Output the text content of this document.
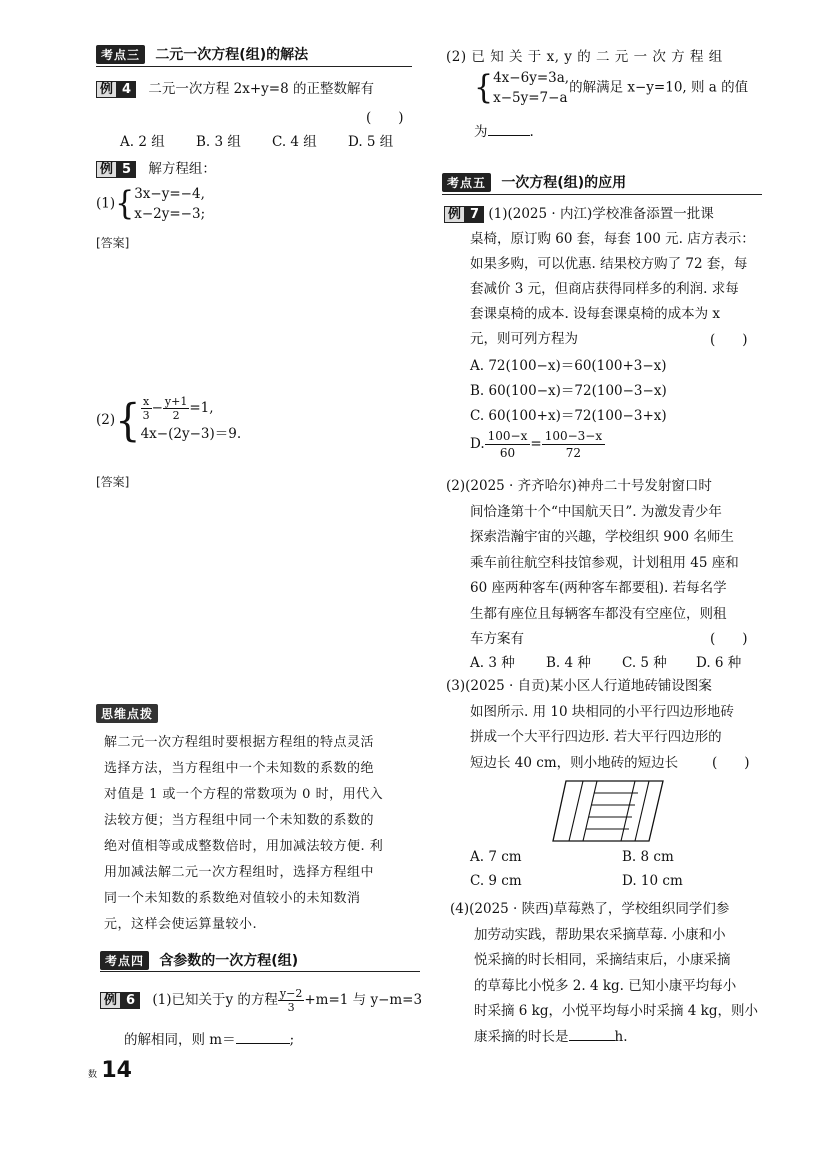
考点三 二元一次方程(组)的解法
例 4 二元一次方程 2x+y=8 的正整数解有
(　　)
A. 2 组 B. 3 组 C. 4 组 D. 5 组
例 5 解方程组：
(1){ 3x−y=−4,
x−2y=−3;
[答案]
$(2)\{ \frac{x}{3} - \frac{y+1}{2} =1$,
4x−(2y−3)＝9.
[答案]
思维点拨
解二元一次方程组时要根据方程组的特点灵活
选择方法，当方程组中一个未知数的系数的绝
对值是 1 或一个方程的常数项为 0 时，用代入
法较方便；当方程组中同一个未知数的系数的
绝对值相等或成整数倍时，用加减法较方便. 利
用加减法解二元一次方程组时，选择方程组中
同一个未知数的系数绝对值较小的未知数消
元，这样会使运算量较小.
考点四 含参数的一次方程(组)
例 6 (1)已知关于y 的方程 $\frac{y-2}{3} +m=1$ 与 y−m=3
的解相同，则 m＝	;
数 14
(2) 已 知 关 于 x, y 的 二 元 一 次 方 程 组
{ 4x−6y=3a,
x−5y=7−a
的解满足 x−y=10, 则 a 的值
为	.
考点五 一次方程(组)的应用
例 7 (1)(2025 · 内江)学校准备添置一批课
桌椅，原订购 60 套，每套 100 元. 店方表示：
如果多购，可以优惠. 结果校方购了 72 套，每
套减价 3 元，但商店获得同样多的利润. 求每
套课桌椅的成本. 设每套课桌椅的成本为 x
元，则可列方程为	(　　)
A. 72(100−x)＝60(100+3−x)
B. 60(100−x)＝72(100−3−x)
C. 60(100+x)＝72(100−3+x)
D. $\frac{100-x}{60} = \frac{100-3-x}{72}$
(2)(2025 · 齐齐哈尔)神舟二十号发射窗口时
间恰逢第十个“中国航天日”. 为激发青少年
探索浩瀚宇宙的兴趣，学校组织 900 名师生
乘车前往航空科技馆参观，计划租用 45 座和
60 座两种客车(两种客车都要租). 若每名学
生都有座位且每辆客车都没有空座位，则租
车方案有	(　　)
A. 3 种 B. 4 种 C. 5 种 D. 6 种
(3)(2025 · 自贡)某小区人行道地砖铺设图案
如图所示. 用 10 块相同的小平行四边形地砖
拼成一个大平行四边形. 若大平行四边形的
短边长 40 cm，则小地砖的短边长	(　　)
A. 7 cm	B. 8 cm
C. 9 cm	D. 10 cm
(4)(2025 · 陕西)草莓熟了，学校组织同学们参
加劳动实践，帮助果农采摘草莓. 小康和小
悦采摘的时长相同，采摘结束后，小康采摘
的草莓比小悦多 2. 4 kg. 已知小康平均每小
时采摘 6 kg，小悦平均每小时采摘 4 kg，则小
康采摘的时长是	h.
